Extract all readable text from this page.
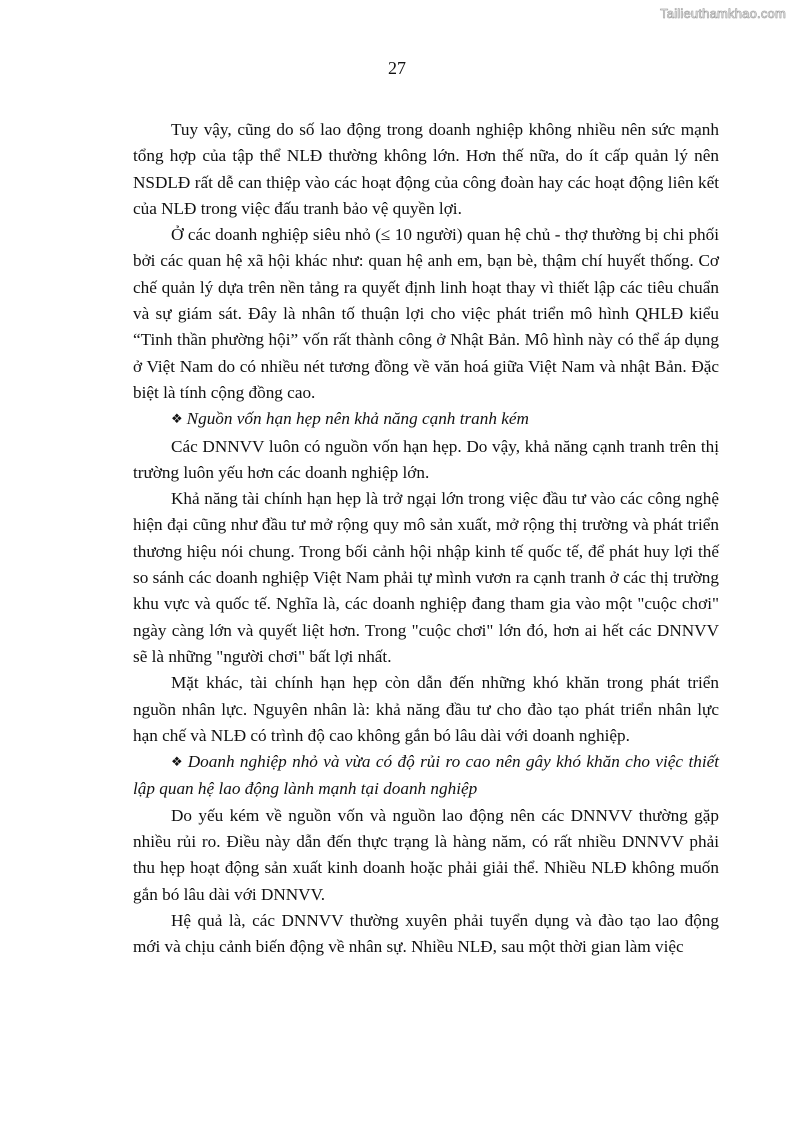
Tailieuthamkhao.com
27

Tuy vậy, cũng do số lao động trong doanh nghiệp không nhiều nên sức mạnh tổng hợp của tập thể NLĐ thường không lớn. Hơn thế nữa, do ít cấp quản lý nên NSDLĐ rất dễ can thiệp vào các hoạt động của công đoàn hay các hoạt động liên kết của NLĐ trong việc đấu tranh bảo vệ quyền lợi.

Ở các doanh nghiệp siêu nhỏ (≤ 10 người) quan hệ chủ - thợ thường bị chi phối bởi các quan hệ xã hội khác như: quan hệ anh em, bạn bè, thậm chí huyết thống. Cơ chế quản lý dựa trên nền tảng ra quyết định linh hoạt thay vì thiết lập các tiêu chuẩn và sự giám sát. Đây là nhân tố thuận lợi cho việc phát triển mô hình QHLĐ kiểu “Tinh thần phường hội” vốn rất thành công ở Nhật Bản. Mô hình này có thể áp dụng ở Việt Nam do có nhiều nét tương đồng về văn hoá giữa Việt Nam và nhật Bản. Đặc biệt là tính cộng đồng cao.

❖ Nguồn vốn hạn hẹp nên khả năng cạnh tranh kém

Các DNNVV luôn có nguồn vốn hạn hẹp. Do vậy, khả năng cạnh tranh trên thị trường luôn yếu hơn các doanh nghiệp lớn.

Khả năng tài chính hạn hẹp là trở ngại lớn trong việc đầu tư vào các công nghệ hiện đại cũng như đầu tư mở rộng quy mô sản xuất, mở rộng thị trường và phát triển thương hiệu nói chung. Trong bối cảnh hội nhập kinh tế quốc tế, để phát huy lợi thế so sánh các doanh nghiệp Việt Nam phải tự mình vươn ra cạnh tranh ở các thị trường khu vực và quốc tế. Nghĩa là, các doanh nghiệp đang tham gia vào một "cuộc chơi" ngày càng lớn và quyết liệt hơn. Trong "cuộc chơi" lớn đó, hơn ai hết các DNNVV sẽ là những "người chơi" bất lợi nhất.

Mặt khác, tài chính hạn hẹp còn dẫn đến những khó khăn trong phát triển nguồn nhân lực. Nguyên nhân là: khả năng đầu tư cho đào tạo phát triển nhân lực hạn chế và NLĐ có trình độ cao không gắn bó lâu dài với doanh nghiệp.

❖ Doanh nghiệp nhỏ và vừa có độ rủi ro cao nên gây khó khăn cho việc thiết lập quan hệ lao động lành mạnh tại doanh nghiệp

Do yếu kém về nguồn vốn và nguồn lao động nên các DNNVV thường gặp nhiều rủi ro. Điều này dẫn đến thực trạng là hàng năm, có rất nhiều DNNVV phải thu hẹp hoạt động sản xuất kinh doanh hoặc phải giải thể. Nhiều NLĐ không muốn gắn bó lâu dài với DNNVV.

Hệ quả là, các DNNVV thường xuyên phải tuyển dụng và đào tạo lao động mới và chịu cảnh biến động về nhân sự. Nhiều NLĐ, sau một thời gian làm việc
